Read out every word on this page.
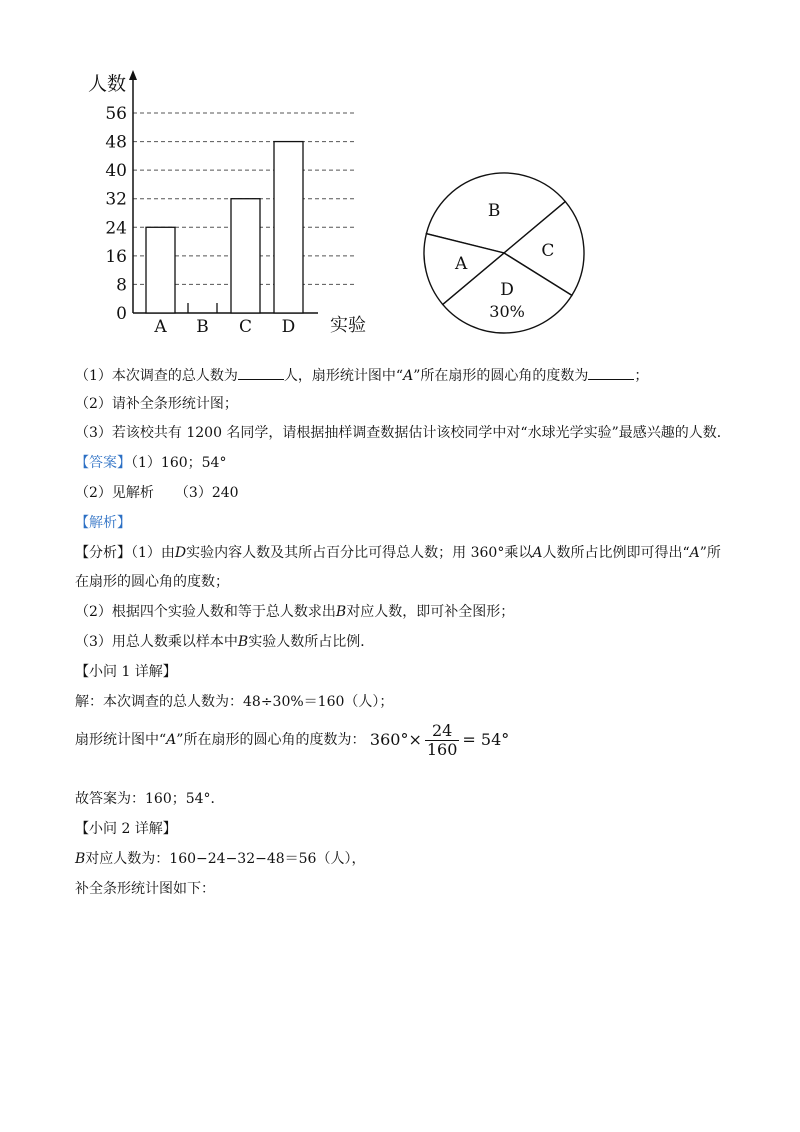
0
8
16
24
32
40
48
56
A B C D
人数
实验
B
C
D
30%
A
（1）本次调查的总人数为	人，扇形统计图中“A”所在扇形的圆心角的度数为	；
（2）请补全条形统计图；
（3）若该校共有 1200 名同学，请根据抽样调查数据估计该校同学中对“水球光学实验”最感兴趣的人数．
【答案】（1）160；54°
（2）见解析　　（3）240
【解析】
【分析】（1）由D实验内容人数及其所占百分比可得总人数；用 360°乘以A人数所占比例即可得出“A”所
在扇形的圆心角的度数；
（2）根据四个实验人数和等于总人数求出B对应人数，即可补全图形；
（3）用总人数乘以样本中B实验人数所占比例．
【小问 1 详解】
解：本次调查的总人数为：48÷30%＝160（人）；
扇形统计图中“A”所在扇形的圆心角的度数为： $360^\circ\times \frac{24}{160} = 54^\circ$
故答案为：160；54°．
【小问 2 详解】
B对应人数为：160−24−32−48＝56（人），
补全条形统计图如下：
